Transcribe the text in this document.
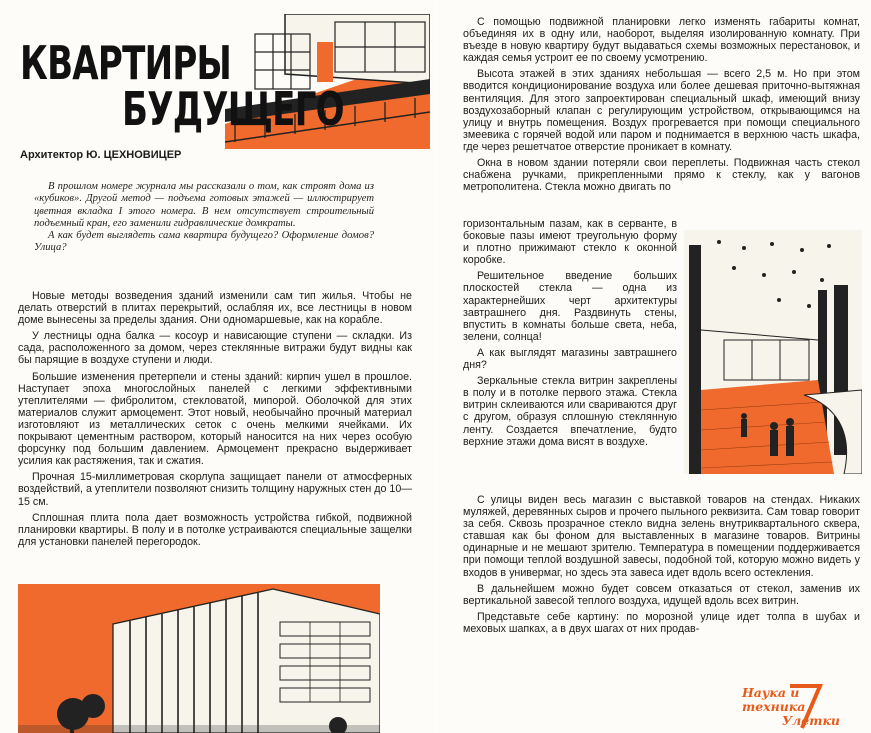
КВАРТИРЫ
БУДУЩЕГО
Архитектор Ю. ЦЕХНОВИЦЕР

В прошлом номере журнала мы рассказали о том, как строят дома из «кубиков». Другой метод — подъема готовых этажей — иллюстрирует цветная вкладка I этого номера. В нем отсутствует строительный подъемный кран, его заменили гидравлические домкраты.

А как будет выглядеть сама квартира будущего? Оформление домов? Улица?

Новые методы возведения зданий изменили сам тип жилья. Чтобы не делать отверстий в плитах перекрытий, ослабляя их, все лестницы в новом доме вынесены за пределы здания. Они одномаршевые, как на корабле.

У лестницы одна балка — косоур и нависающие ступени — складки. Из сада, расположенного за домом, через стеклянные витражи будут видны как бы парящие в воздухе ступени и люди.

Большие изменения претерпели и стены зданий: кирпич ушел в прошлое. Наступает эпоха многослойных панелей с легкими эффективными утеплителями — фибролитом, стекловатой, мипорой. Оболочкой для этих материалов служит армоцемент. Этот новый, необычайно прочный материал изготовляют из металлических сеток с очень мелкими ячейками. Их покрывают цементным раствором, который наносится на них через особую форсунку под большим давлением. Армоцемент прекрасно выдерживает усилия как растяжения, так и сжатия.

Прочная 15-миллиметровая скорлупа защищает панели от атмосферных воздействий, а утеплители позволяют снизить толщину наружных стен до 10—15 см.

Сплошная плита пола дает возможность устройства гибкой, подвижной планировки квартиры. В полу и в потолке устраиваются специальные защелки для установки панелей перегородок.

С помощью подвижной планировки легко изменять габариты комнат, объединяя их в одну или, наоборот, выделяя изолированную комнату. При въезде в новую квартиру будут выдаваться схемы возможных перестановок, и каждая семья устроит ее по своему усмотрению.

Высота этажей в этих зданиях небольшая — всего 2,5 м. Но при этом вводится кондиционирование воздуха или более дешевая приточно-вытяжная вентиляция. Для этого запроектирован специальный шкаф, имеющий внизу воздухозаборный клапан с регулирующим устройством, открывающимся на улицу и внутрь помещения. Воздух прогревается при помощи специального змеевика с горячей водой или паром и поднимается в верхнюю часть шкафа, где через решетчатое отверстие проникает в комнату.

Окна в новом здании потеряли свои переплеты. Подвижная часть стекол снабжена ручками, прикрепленными прямо к стеклу, как у вагонов метрополитена. Стекла можно двигать по

горизонтальным пазам, как в серванте, в боковые пазы имеют треугольную форму и плотно прижимают стекло к оконной коробке.

Решительное введение больших плоскостей стекла — одна из характернейших черт архитектуры завтрашнего дня. Раздвинуть стены, впустить в комнаты больше света, неба, зелени, солнца!

А как выглядят магазины завтрашнего дня?

Зеркальные стекла витрин закреплены в полу и в потолке первого этажа. Стекла витрин склеиваются или свариваются друг с другом, образуя сплошную стеклянную ленту. Создается впечатление, будто верхние этажи дома висят в воздухе.

С улицы виден весь магазин с выставкой товаров на стендах. Никаких муляжей, деревянных сыров и прочего пыльного реквизита. Сам товар говорит за себя. Сквозь прозрачное стекло видна зелень внутриквартального сквера, ставшая как бы фоном для выставленных в магазине товаров. Витрины одинарные и не мешают зрителю. Температура в помещении поддерживается при помощи теплой воздушной завесы, подобной той, которую можно видеть у входов в универмаг, но здесь эта завеса идет вдоль всего остекления.

В дальнейшем можно будет совсем отказаться от стекол, заменив их вертикальной завесой теплого воздуха, идущей вдоль всех витрин.

Представьте себе картину: по морозной улице идет толпа в шубах и меховых шапках, а в двух шагах от них продав-

Наука и техника
Улетки
